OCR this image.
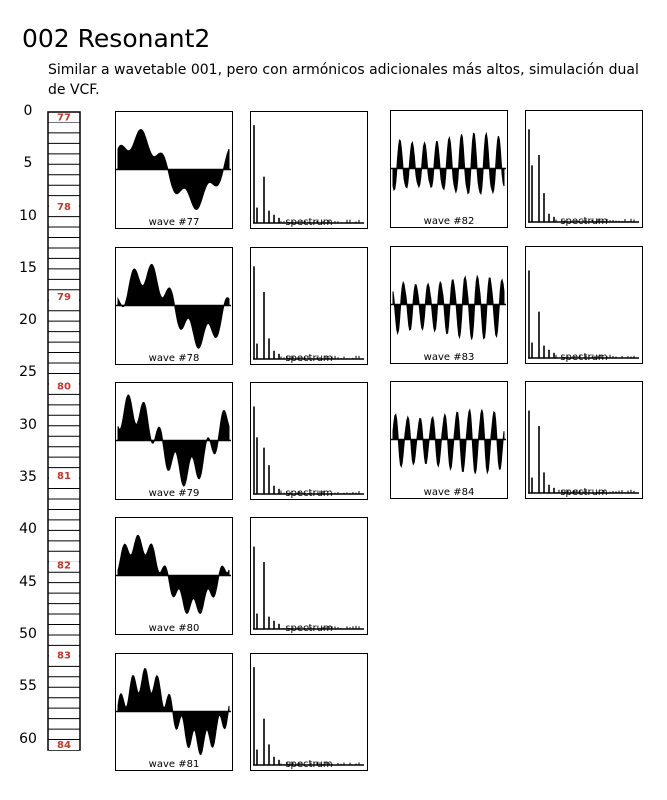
002 Resonant2

Similar a wavetable 001, pero con armónicos adicionales más altos, simulación dual de VCF.

0
5
10
15
20
25
30
35
40
45
50
55
60
77
78
79
80
81
82
83
84
wave #77	spectrum
wave #78	spectrum
wave #79	spectrum
wave #80	spectrum
wave #81	spectrum
wave #82	spectrum
wave #83	spectrum
wave #84	spectrum
